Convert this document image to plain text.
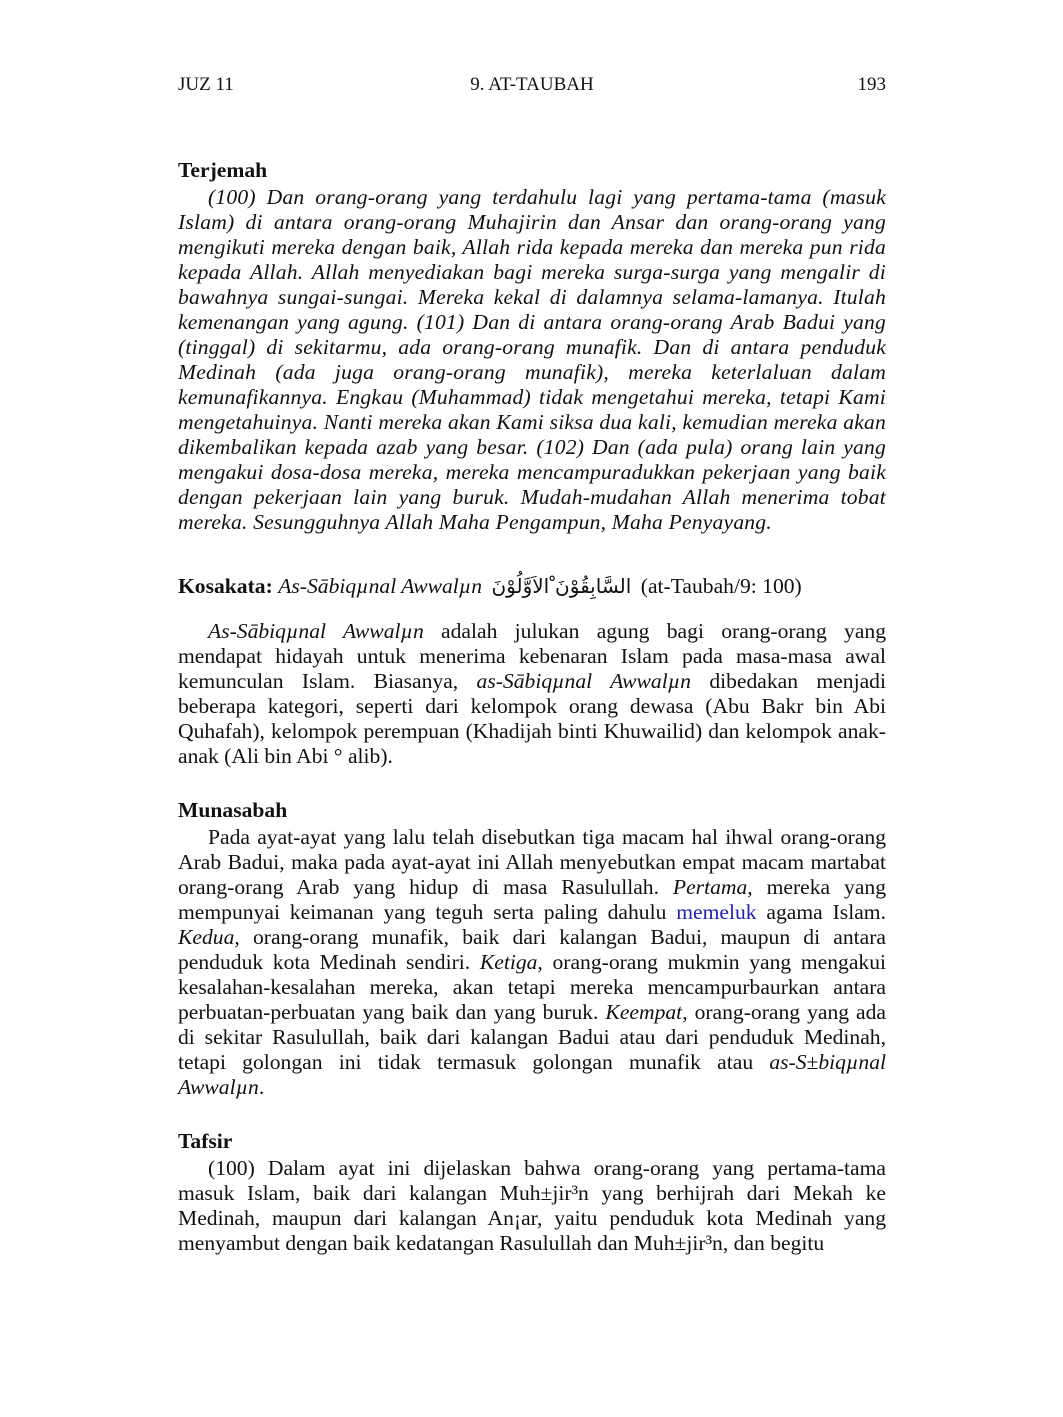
JUZ 11	9. AT-TAUBAH	193
Terjemah

(100) Dan orang-orang yang terdahulu lagi yang pertama-tama (masuk Islam) di antara orang-orang Muhajirin dan Ansar dan orang-orang yang mengikuti mereka dengan baik, Allah rida kepada mereka dan mereka pun rida kepada Allah. Allah menyediakan bagi mereka surga-surga yang mengalir di bawahnya sungai-sungai. Mereka kekal di dalamnya selama-lamanya. Itulah kemenangan yang agung. (101) Dan di antara orang-orang Arab Badui yang (tinggal) di sekitarmu, ada orang-orang munafik. Dan di antara penduduk Medinah (ada juga orang-orang munafik), mereka keterlaluan dalam kemunafikannya. Engkau (Muhammad) tidak mengetahui mereka, tetapi Kami mengetahuinya. Nanti mereka akan Kami siksa dua kali, kemudian mereka akan dikembalikan kepada azab yang besar. (102) Dan (ada pula) orang lain yang mengakui dosa-dosa mereka, mereka mencampuradukkan pekerjaan yang baik dengan pekerjaan lain yang buruk. Mudah-mudahan Allah menerima tobat mereka. Sesungguhnya Allah Maha Pengampun, Maha Penyayang.

Kosakata: As-Sābiqµnal Awwalµn السَّابِقُوْنَ ْالاَوَّلُوْنَ (at-Taubah/9: 100)

As-Sābiqµnal Awwalµn adalah julukan agung bagi orang-orang yang mendapat hidayah untuk menerima kebenaran Islam pada masa-masa awal kemunculan Islam. Biasanya, as-Sābiqµnal Awwalµn dibedakan menjadi beberapa kategori, seperti dari kelompok orang dewasa (Abu Bakr bin Abi Quhafah), kelompok perempuan (Khadijah binti Khuwailid) dan kelompok anak-anak (Ali bin Abi ° alib).

Munasabah

Pada ayat-ayat yang lalu telah disebutkan tiga macam hal ihwal orang-orang Arab Badui, maka pada ayat-ayat ini Allah menyebutkan empat macam martabat orang-orang Arab yang hidup di masa Rasulullah. Pertama, mereka yang mempunyai keimanan yang teguh serta paling dahulu memeluk agama Islam. Kedua, orang-orang munafik, baik dari kalangan Badui, maupun di antara penduduk kota Medinah sendiri. Ketiga, orang-orang mukmin yang mengakui kesalahan-kesalahan mereka, akan tetapi mereka mencampurbaurkan antara perbuatan-perbuatan yang baik dan yang buruk. Keempat, orang-orang yang ada di sekitar Rasulullah, baik dari kalangan Badui atau dari penduduk Medinah, tetapi golongan ini tidak termasuk golongan munafik atau as-S±biqµnal Awwalµn.

Tafsir

(100) Dalam ayat ini dijelaskan bahwa orang-orang yang pertama-tama masuk Islam, baik dari kalangan Muh±jir³n yang berhijrah dari Mekah ke Medinah, maupun dari kalangan An¡ar, yaitu penduduk kota Medinah yang menyambut dengan baik kedatangan Rasulullah dan Muh±jir³n, dan begitu
